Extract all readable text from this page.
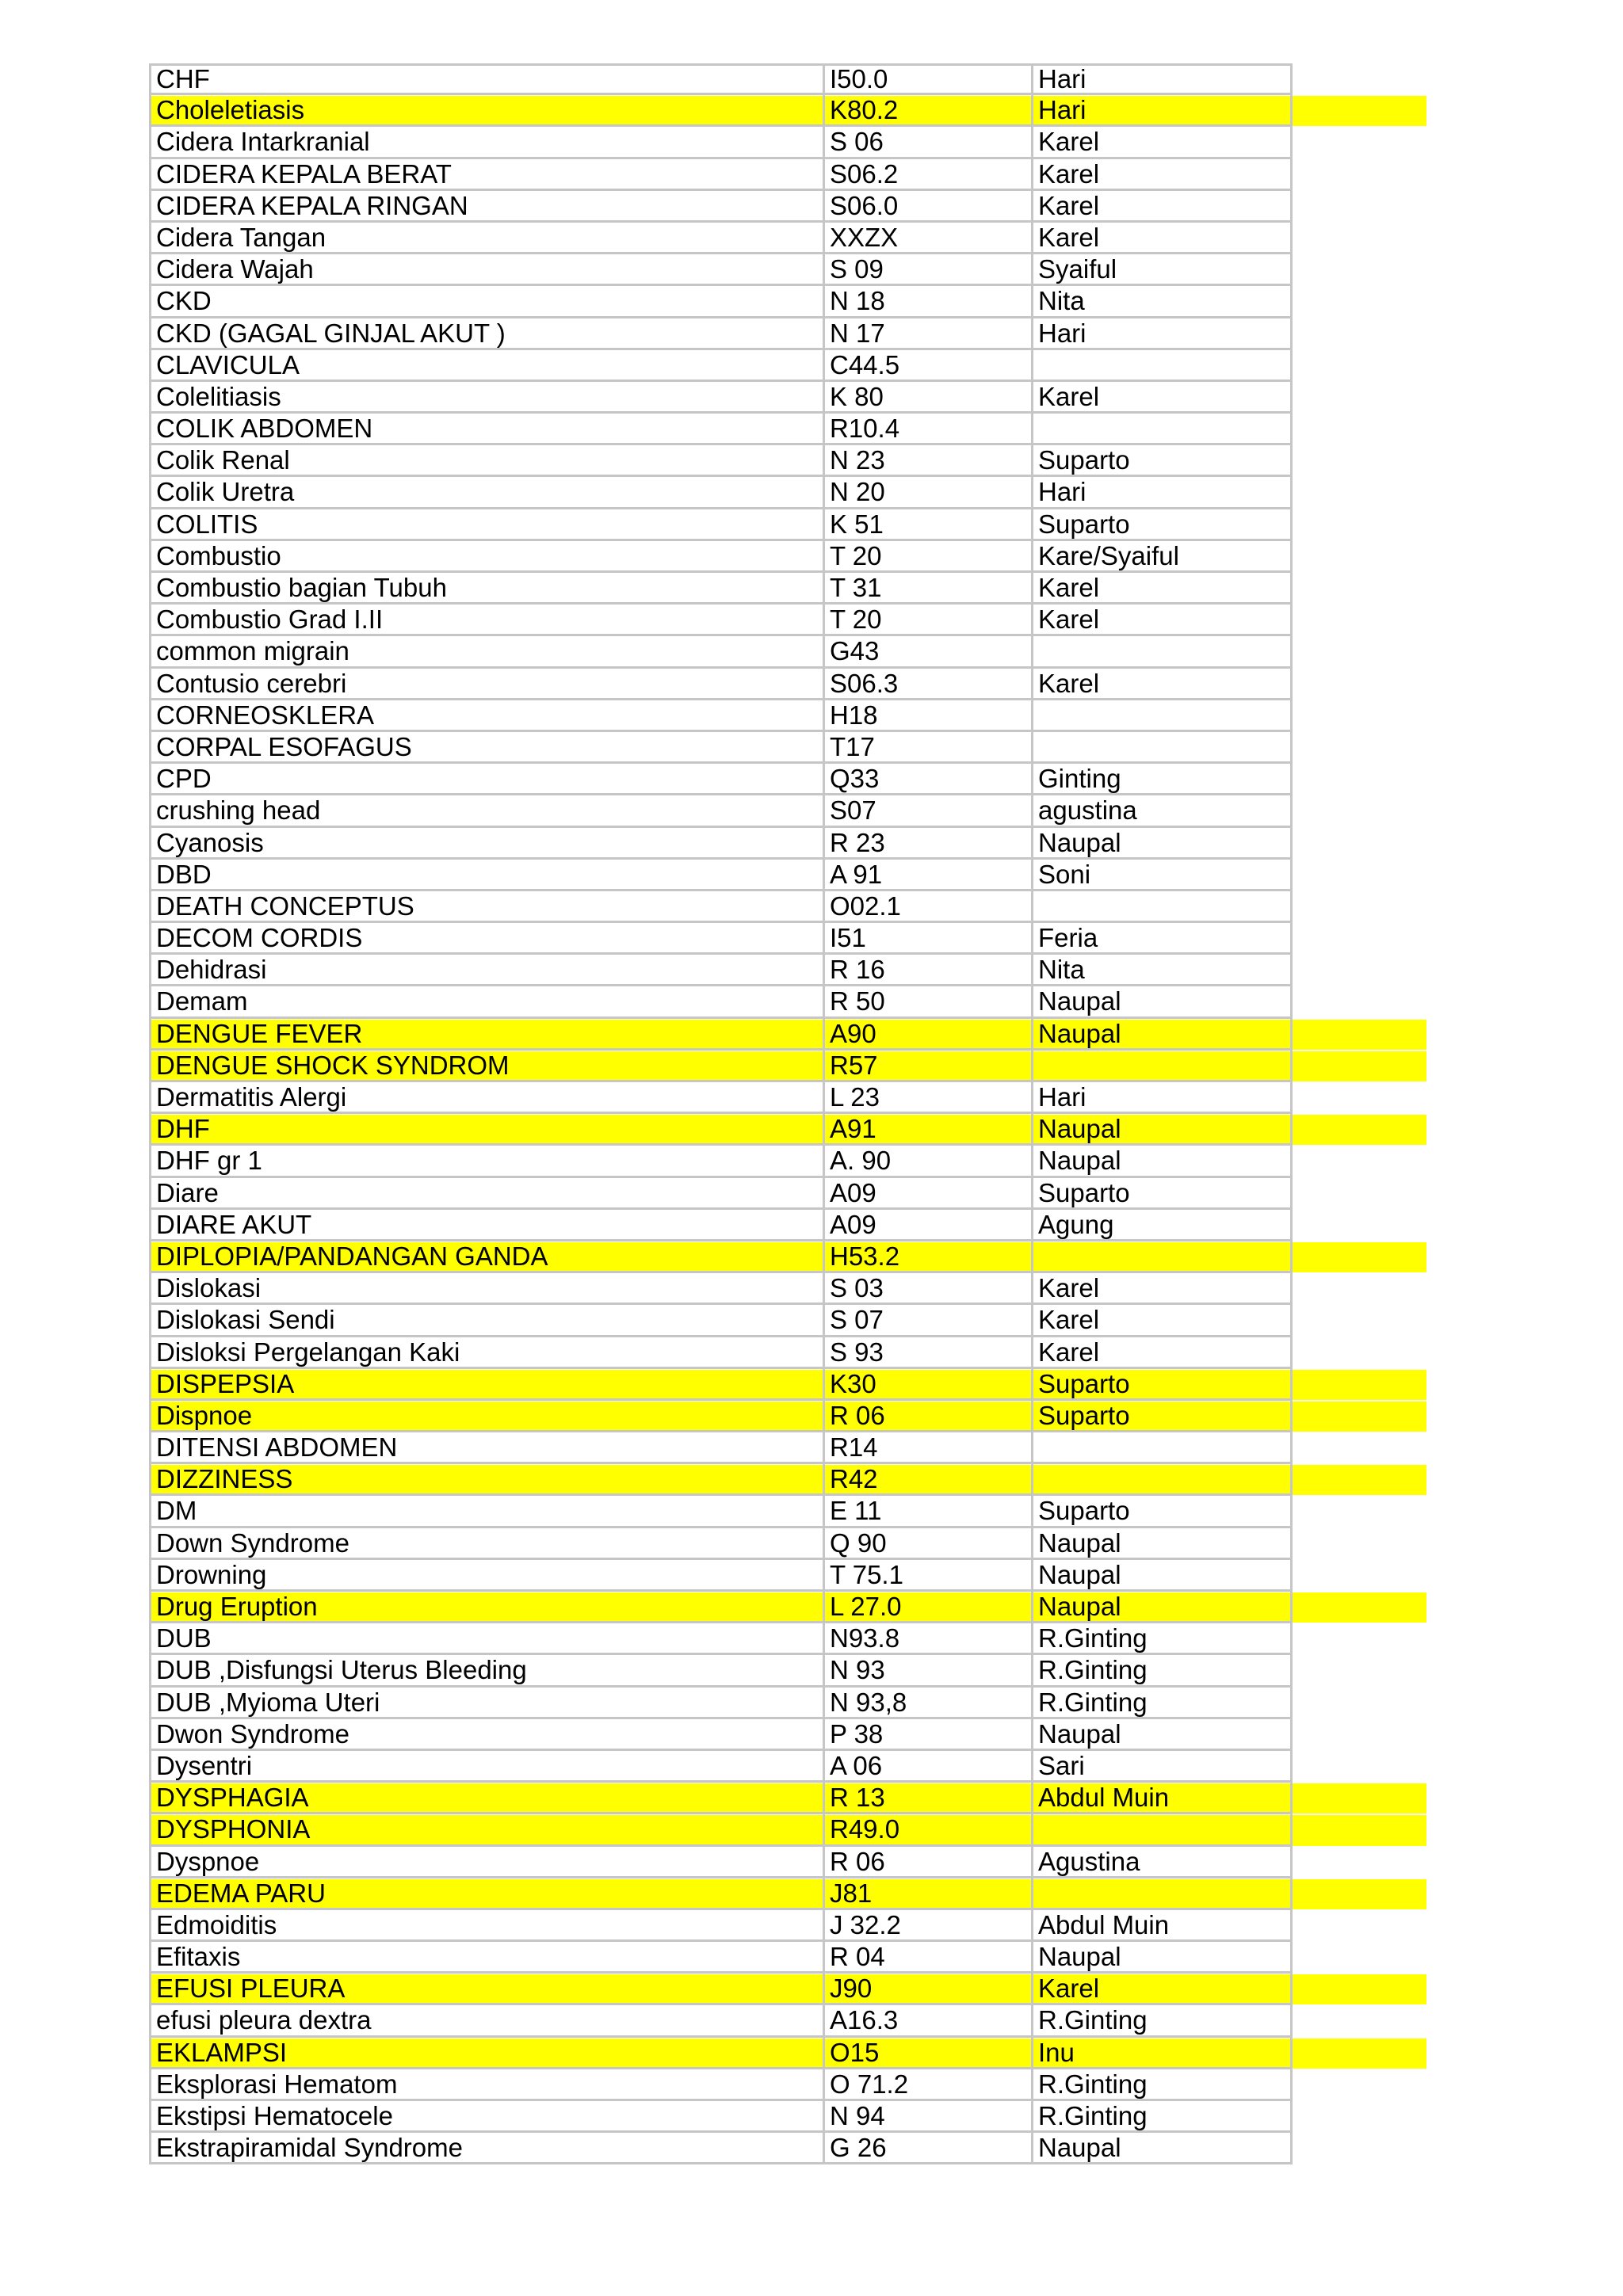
CHF	I50.0	Hari
Choleletiasis	K80.2	Hari
Cidera Intarkranial	S 06	Karel
CIDERA KEPALA BERAT	S06.2	Karel
CIDERA KEPALA RINGAN	S06.0	Karel
Cidera Tangan	XXZX	Karel
Cidera Wajah	S 09	Syaiful
CKD	N 18	Nita
CKD (GAGAL GINJAL AKUT )	N 17	Hari
CLAVICULA	C44.5
Colelitiasis	K 80	Karel
COLIK ABDOMEN	R10.4
Colik Renal	N 23	Suparto
Colik Uretra	N 20	Hari
COLITIS	K 51	Suparto
Combustio	T 20	Kare/Syaiful
Combustio bagian Tubuh	T 31	Karel
Combustio Grad I.II	T 20	Karel
common migrain	G43
Contusio cerebri	S06.3	Karel
CORNEOSKLERA	H18
CORPAL ESOFAGUS	T17
CPD	Q33	Ginting
crushing head	S07	agustina
Cyanosis	R 23	Naupal
DBD	A 91	Soni
DEATH CONCEPTUS	O02.1
DECOM CORDIS	I51	Feria
Dehidrasi	R 16	Nita
Demam	R 50	Naupal
DENGUE FEVER	A90	Naupal
DENGUE SHOCK SYNDROM	R57
Dermatitis Alergi	L 23	Hari
DHF	A91	Naupal
DHF gr 1	A. 90	Naupal
Diare	A09	Suparto
DIARE AKUT	A09	Agung
DIPLOPIA/PANDANGAN GANDA	H53.2
Dislokasi	S 03	Karel
Dislokasi Sendi	S 07	Karel
Disloksi Pergelangan Kaki	S 93	Karel
DISPEPSIA	K30	Suparto
Dispnoe	R 06	Suparto
DITENSI ABDOMEN	R14
DIZZINESS	R42
DM	E 11	Suparto
Down Syndrome	Q 90	Naupal
Drowning	T 75.1	Naupal
Drug Eruption	L 27.0	Naupal
DUB	N93.8	R.Ginting
DUB ,Disfungsi Uterus Bleeding	N 93	R.Ginting
DUB ,Myioma Uteri	N 93,8	R.Ginting
Dwon Syndrome	P 38	Naupal
Dysentri	A 06	Sari
DYSPHAGIA	R 13	Abdul Muin
DYSPHONIA	R49.0
Dyspnoe	R 06	Agustina
EDEMA PARU	J81
Edmoiditis	J 32.2	Abdul Muin
Efitaxis	R 04	Naupal
EFUSI PLEURA	J90	Karel
efusi pleura dextra	A16.3	R.Ginting
EKLAMPSI	O15	Inu
Eksplorasi Hematom	O 71.2	R.Ginting
Ekstipsi Hematocele	N 94	R.Ginting
Ekstrapiramidal Syndrome	G 26	Naupal
